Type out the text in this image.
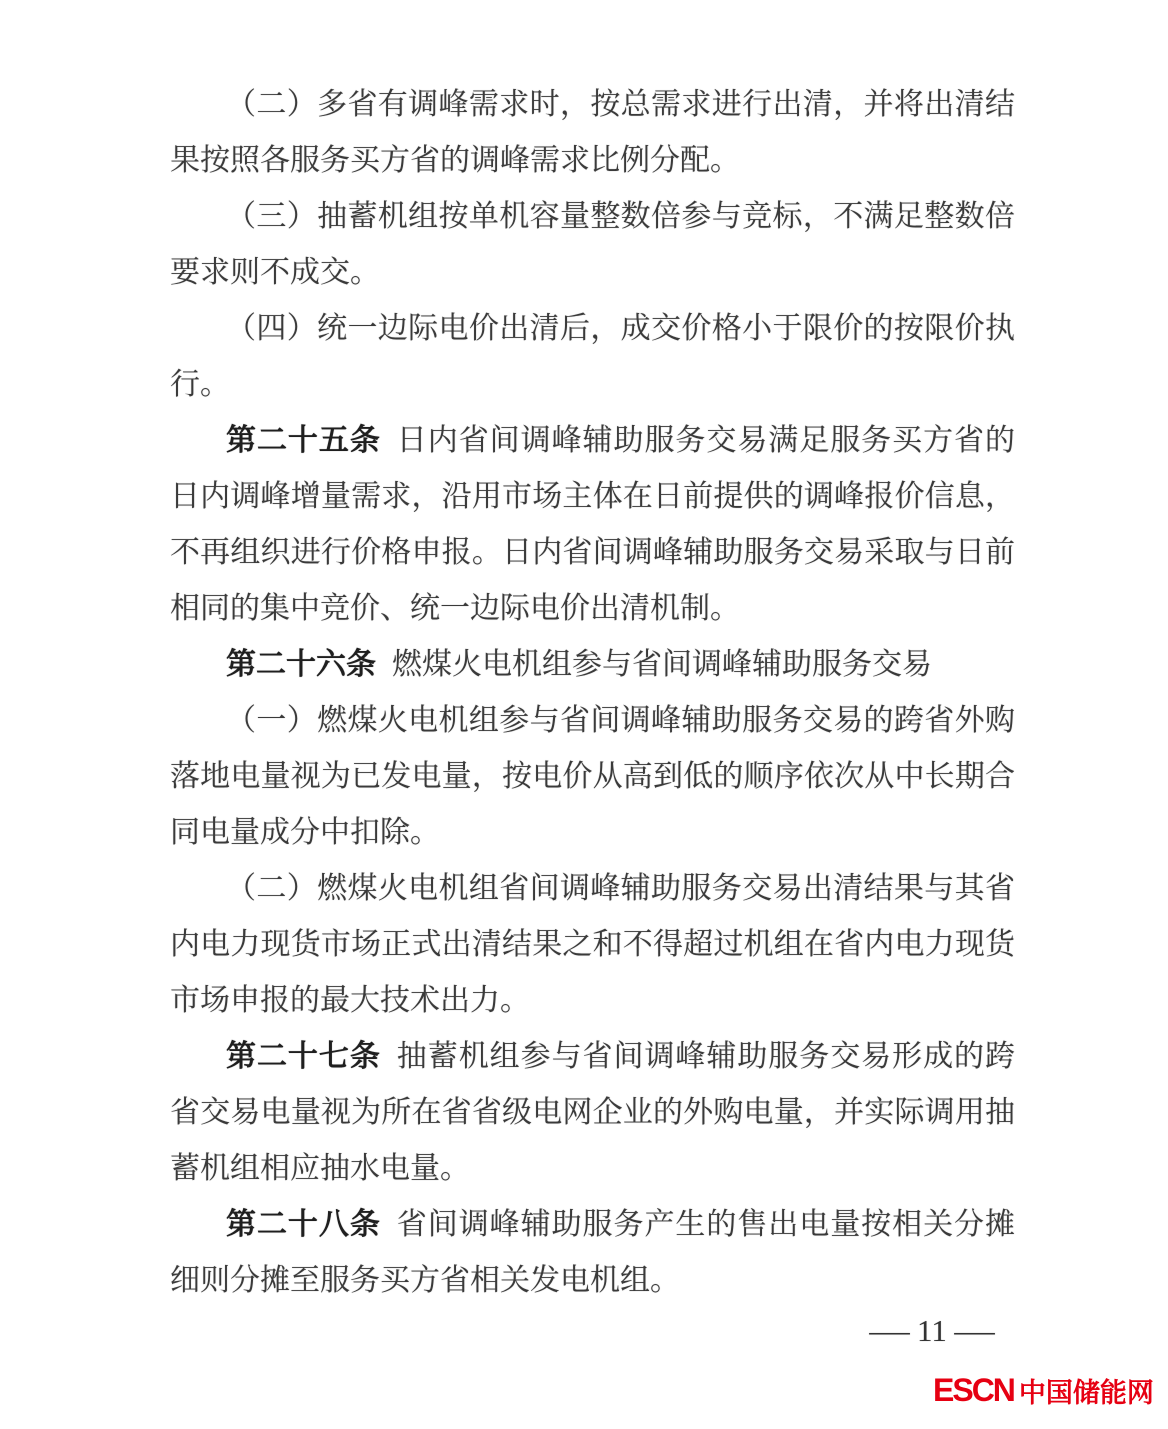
（二）多省有调峰需求时，按总需求进行出清，并将出清结
果按照各服务买方省的调峰需求比例分配。
（三）抽蓄机组按单机容量整数倍参与竞标，不满足整数倍
要求则不成交。
（四）统一边际电价出清后，成交价格小于限价的按限价执
行。
第二十五条 日内省间调峰辅助服务交易满足服务买方省的
日内调峰增量需求，沿用市场主体在日前提供的调峰报价信息，
不再组织进行价格申报。日内省间调峰辅助服务交易采取与日前
相同的集中竞价、统一边际电价出清机制。
第二十六条 燃煤火电机组参与省间调峰辅助服务交易
（一）燃煤火电机组参与省间调峰辅助服务交易的跨省外购
落地电量视为已发电量，按电价从高到低的顺序依次从中长期合
同电量成分中扣除。
（二）燃煤火电机组省间调峰辅助服务交易出清结果与其省
内电力现货市场正式出清结果之和不得超过机组在省内电力现货
市场申报的最大技术出力。
第二十七条 抽蓄机组参与省间调峰辅助服务交易形成的跨
省交易电量视为所在省省级电网企业的外购电量，并实际调用抽
蓄机组相应抽水电量。
第二十八条 省间调峰辅助服务产生的售出电量按相关分摊
细则分摊至服务买方省相关发电机组。
— 11 —
ESCN 中国储能网
